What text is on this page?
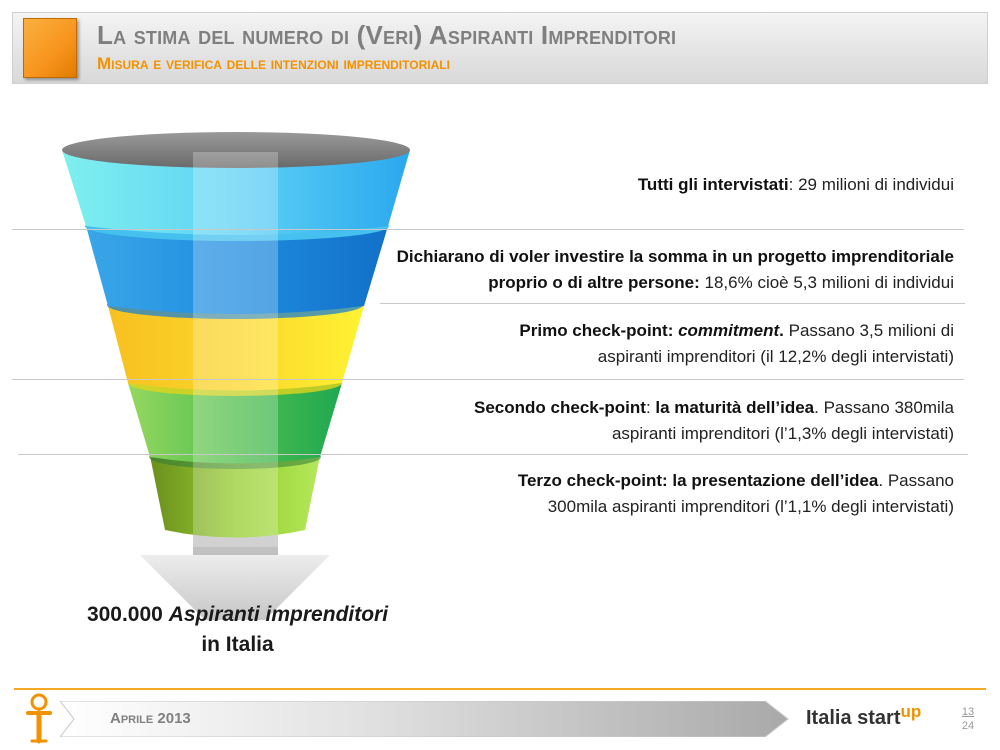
La stima del numero di (Veri) Aspiranti Imprenditori
Misura e verifica delle intenzioni imprenditoriali
Tutti gli intervistati: 29 milioni di individui
Dichiarano di voler investire la somma in un progetto imprenditoriale
proprio o di altre persone: 18,6% cioè 5,3 milioni di individui
Primo check-point: commitment. Passano 3,5 milioni di
aspiranti imprenditori (il 12,2% degli intervistati)
Secondo check-point: la maturità dell’idea. Passano 380mila
aspiranti imprenditori (l’1,3% degli intervistati)
Terzo check-point: la presentazione dell’idea. Passano
300mila aspiranti imprenditori (l’1,1% degli intervistati)
300.000 Aspiranti imprenditori
in Italia
Aprile 2013	Italia start$^{up}$	13
24
